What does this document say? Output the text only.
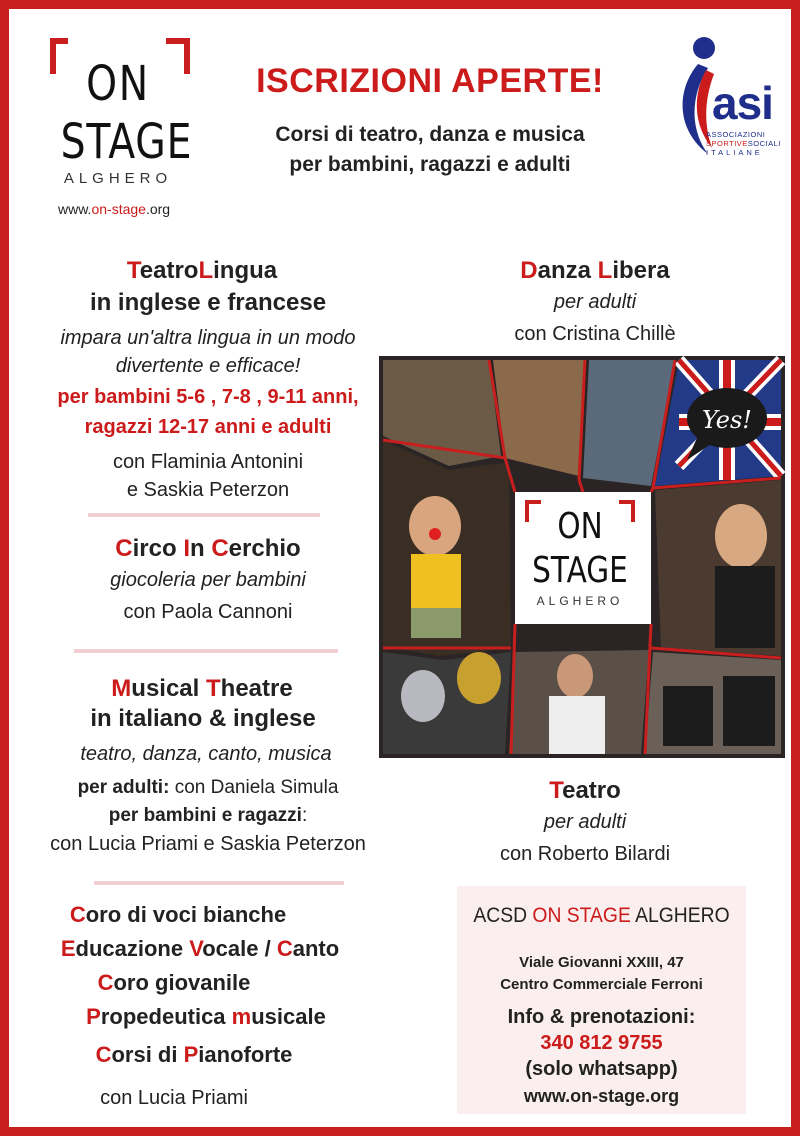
ON
STAGE
ALGHERO
www.on-stage.org
ISCRIZIONI APERTE!
Corsi di teatro, danza e musica
per bambini, ragazzi e adulti
asi
ASSOCIAZIONI
SPORTIVESOCIALI
ITALIANE
TeatroLingua
in inglese e francese
impara un'altra lingua in un modo
divertente e efficace!
per bambini 5-6 , 7-8 , 9-11 anni,
ragazzi 12-17 anni e adulti
con Flaminia Antonini
e Saskia Peterzon
Circo In Cerchio
giocoleria per bambini
con Paola Cannoni
Musical Theatre
in italiano & inglese
teatro, danza, canto, musica
per adulti: con Daniela Simula
per bambini e ragazzi:
con Lucia Priami e Saskia Peterzon
Coro di voci bianche
Educazione Vocale / Canto
Coro giovanile
Propedeutica musicale
Corsi di Pianoforte
con Lucia Priami
Danza Libera
per adulti
con Cristina Chillè
Yes!
ON
STAGE
ALGHERO
Teatro
per adulti
con Roberto Bilardi
ACSD ON STAGE ALGHERO
Viale Giovanni XXIII, 47
Centro Commerciale Ferroni
Info & prenotazioni:
340 812 9755
(solo whatsapp)
www.on-stage.org
